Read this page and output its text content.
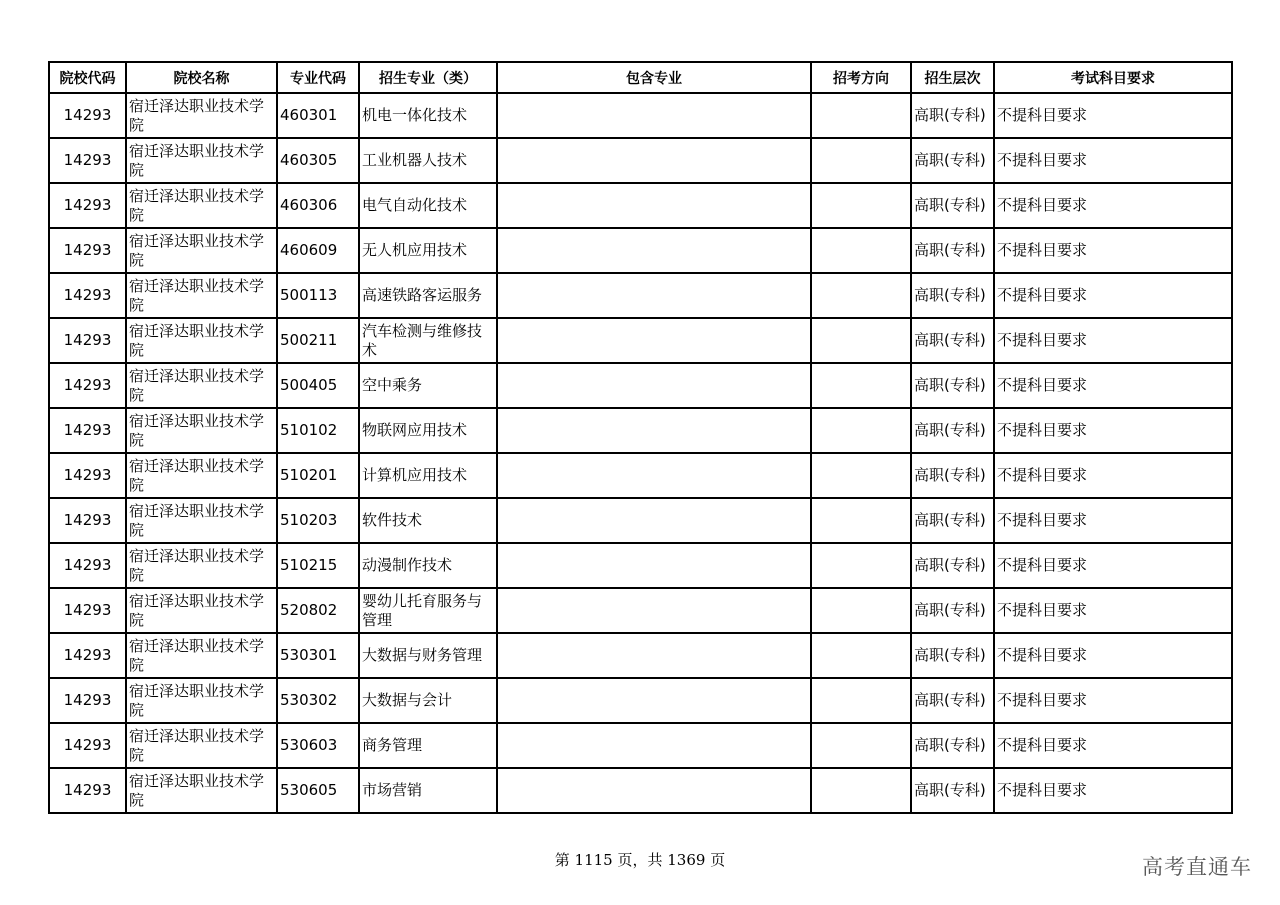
院校代码	院校名称	专业代码	招生专业（类）	包含专业	招考方向	招生层次	考试科目要求
14293	宿迁泽达职业技术学院	460301	机电一体化技术			高职(专科)	不提科目要求
14293	宿迁泽达职业技术学院	460305	工业机器人技术			高职(专科)	不提科目要求
14293	宿迁泽达职业技术学院	460306	电气自动化技术			高职(专科)	不提科目要求
14293	宿迁泽达职业技术学院	460609	无人机应用技术			高职(专科)	不提科目要求
14293	宿迁泽达职业技术学院	500113	高速铁路客运服务			高职(专科)	不提科目要求
14293	宿迁泽达职业技术学院	500211	汽车检测与维修技术			高职(专科)	不提科目要求
14293	宿迁泽达职业技术学院	500405	空中乘务			高职(专科)	不提科目要求
14293	宿迁泽达职业技术学院	510102	物联网应用技术			高职(专科)	不提科目要求
14293	宿迁泽达职业技术学院	510201	计算机应用技术			高职(专科)	不提科目要求
14293	宿迁泽达职业技术学院	510203	软件技术			高职(专科)	不提科目要求
14293	宿迁泽达职业技术学院	510215	动漫制作技术			高职(专科)	不提科目要求
14293	宿迁泽达职业技术学院	520802	婴幼儿托育服务与管理			高职(专科)	不提科目要求
14293	宿迁泽达职业技术学院	530301	大数据与财务管理			高职(专科)	不提科目要求
14293	宿迁泽达职业技术学院	530302	大数据与会计			高职(专科)	不提科目要求
14293	宿迁泽达职业技术学院	530603	商务管理			高职(专科)	不提科目要求
14293	宿迁泽达职业技术学院	530605	市场营销			高职(专科)	不提科目要求
第 1115 页，共 1369 页	高考直通车
